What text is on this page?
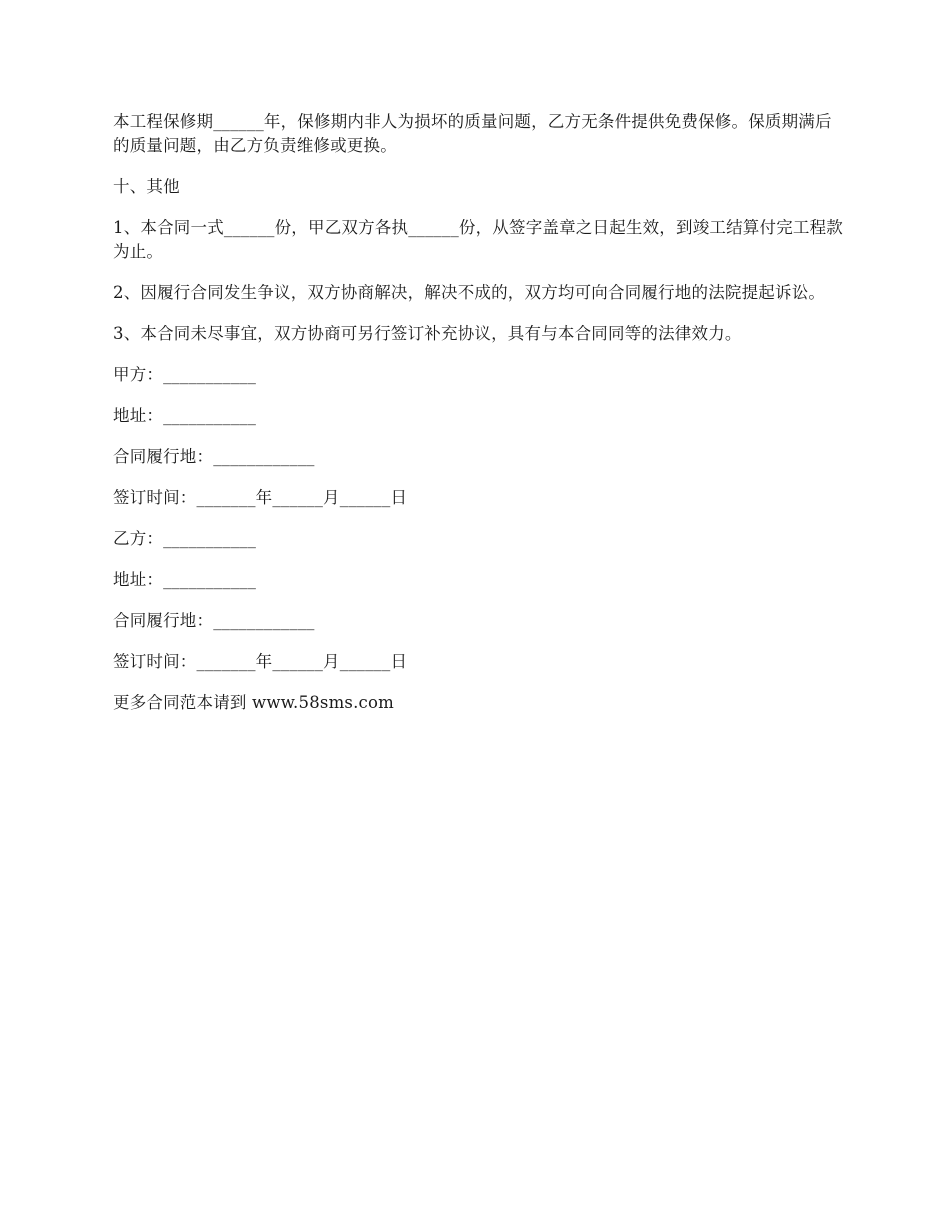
本工程保修期______年，保修期内非人为损坏的质量问题，乙方无条件提供免费保修。保质期满后的质量问题，由乙方负责维修或更换。

十、其他

1、本合同一式______份，甲乙双方各执______份，从签字盖章之日起生效，到竣工结算付完工程款为止。

2、因履行合同发生争议，双方协商解决，解决不成的，双方均可向合同履行地的法院提起诉讼。

3、本合同未尽事宜，双方协商可另行签订补充协议，具有与本合同同等的法律效力。

甲方：___________

地址：___________

合同履行地：____________

签订时间：_______年______月______日

乙方：___________

地址：___________

合同履行地：____________

签订时间：_______年______月______日

更多合同范本请到 www.58sms.com
